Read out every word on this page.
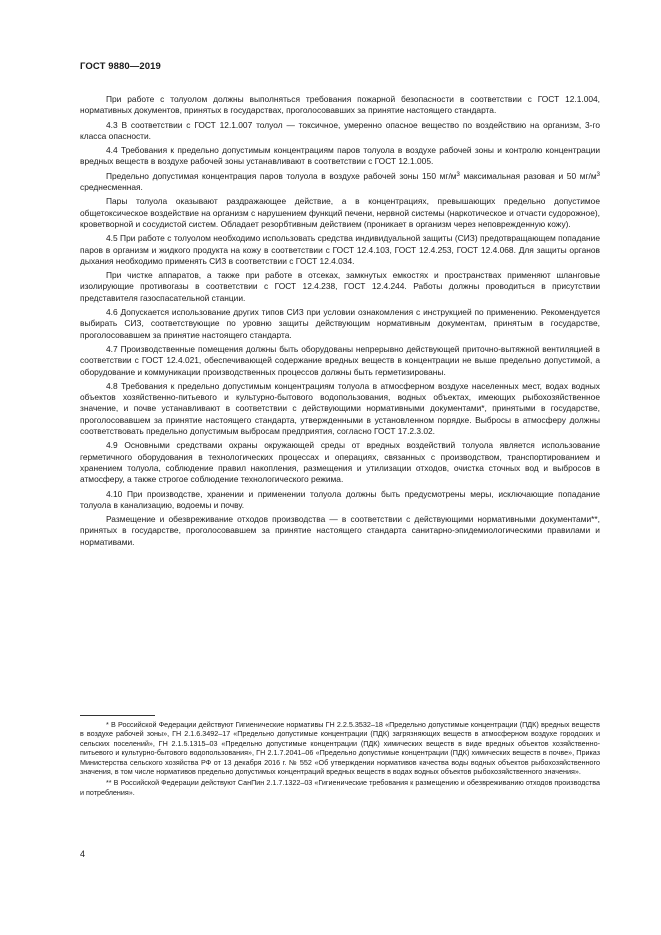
ГОСТ 9880—2019

При работе с толуолом должны выполняться требования пожарной безопасности в соответствии с ГОСТ 12.1.004, нормативных документов, принятых в государствах, проголосовавших за принятие настоящего стандарта.

4.3 В соответствии с ГОСТ 12.1.007 толуол — токсичное, умеренно опасное вещество по воздействию на организм, 3-го класса опасности.

4.4 Требования к предельно допустимым концентрациям паров толуола в воздухе рабочей зоны и контролю концентрации вредных веществ в воздухе рабочей зоны устанавливают в соответствии с ГОСТ 12.1.005.

Предельно допустимая концентрация паров толуола в воздухе рабочей зоны 150 $мг/м^3$ максимальная разовая и 50 $мг/м^3$ среднесменная.

Пары толуола оказывают раздражающее действие, а в концентрациях, превышающих предельно допустимое общетоксическое воздействие на организм с нарушением функций печени, нервной системы (наркотическое и отчасти судорожное), кроветворной и сосудистой систем. Обладает резорбтивным действием (проникает в организм через неповрежденную кожу).

4.5 При работе с толуолом необходимо использовать средства индивидуальной защиты (СИЗ) предотвращающем попадание паров в организм и жидкого продукта на кожу в соответствии с ГОСТ 12.4.103, ГОСТ 12.4.253, ГОСТ 12.4.068. Для защиты органов дыхания необходимо применять СИЗ в соответствии с ГОСТ 12.4.034.

При чистке аппаратов, а также при работе в отсеках, замкнутых емкостях и пространствах применяют шланговые изолирующие противогазы в соответствии с ГОСТ 12.4.238, ГОСТ 12.4.244. Работы должны проводиться в присутствии представителя газоспасательной станции.

4.6 Допускается использование других типов СИЗ при условии ознакомления с инструкцией по применению. Рекомендуется выбирать СИЗ, соответствующие по уровню защиты действующим нормативным документам, принятым в государстве, проголосовавшем за принятие настоящего стандарта.

4.7 Производственные помещения должны быть оборудованы непрерывно действующей приточно-вытяжной вентиляцией в соответствии с ГОСТ 12.4.021, обеспечивающей содержание вредных веществ в концентрации не выше предельно допустимой, а оборудование и коммуникации производственных процессов должны быть герметизированы.

4.8 Требования к предельно допустимым концентрациям толуола в атмосферном воздухе населенных мест, водах водных объектов хозяйственно-питьевого и культурно-бытового водопользования, водных объектах, имеющих рыбохозяйственное значение, и почве устанавливают в соответствии с действующими нормативными документами*, принятыми в государстве, проголосовавшем за принятие настоящего стандарта, утвержденными в установленном порядке. Выбросы в атмосферу должны соответствовать предельно допустимым выбросам предприятия, согласно ГОСТ 17.2.3.02.

4.9 Основными средствами охраны окружающей среды от вредных воздействий толуола является использование герметичного оборудования в технологических процессах и операциях, связанных с производством, транспортированием и хранением толуола, соблюдение правил накопления, размещения и утилизации отходов, очистка сточных вод и выбросов в атмосферу, а также строгое соблюдение технологического режима.

4.10 При производстве, хранении и применении толуола должны быть предусмотрены меры, исключающие попадание толуола в канализацию, водоемы и почву.

Размещение и обезвреживание отходов производства — в соответствии с действующими нормативными документами**, принятых в государстве, проголосовавшем за принятие настоящего стандарта санитарно-эпидемиологическими правилами и нормативами.

* В Российской Федерации действуют Гигиенические нормативы ГН 2.2.5.3532–18 «Предельно допустимые концентрации (ПДК) вредных веществ в воздухе рабочей зоны», ГН 2.1.6.3492–17 «Предельно допустимые концентрации (ПДК) загрязняющих веществ в атмосферном воздухе городских и сельских поселений», ГН 2.1.5.1315–03 «Предельно допустимые концентрации (ПДК) химических веществ в виде вредных объектов хозяйственно-питьевого и культурно-бытового водопользования», ГН 2.1.7.2041–06 «Предельно допустимые концентрации (ПДК) химических веществ в почве», Приказ Министерства сельского хозяйства РФ от 13 декабря 2016 г. № 552 «Об утверждении нормативов качества воды водных объектов рыбохозяйственного значения, в том числе нормативов предельно допустимых концентраций вредных веществ в водах водных объектов рыбохозяйственного значения».

** В Российской Федерации действуют СанПин 2.1.7.1322–03 «Гигиенические требования к размещению и обезвреживанию отходов производства и потребления».

4
